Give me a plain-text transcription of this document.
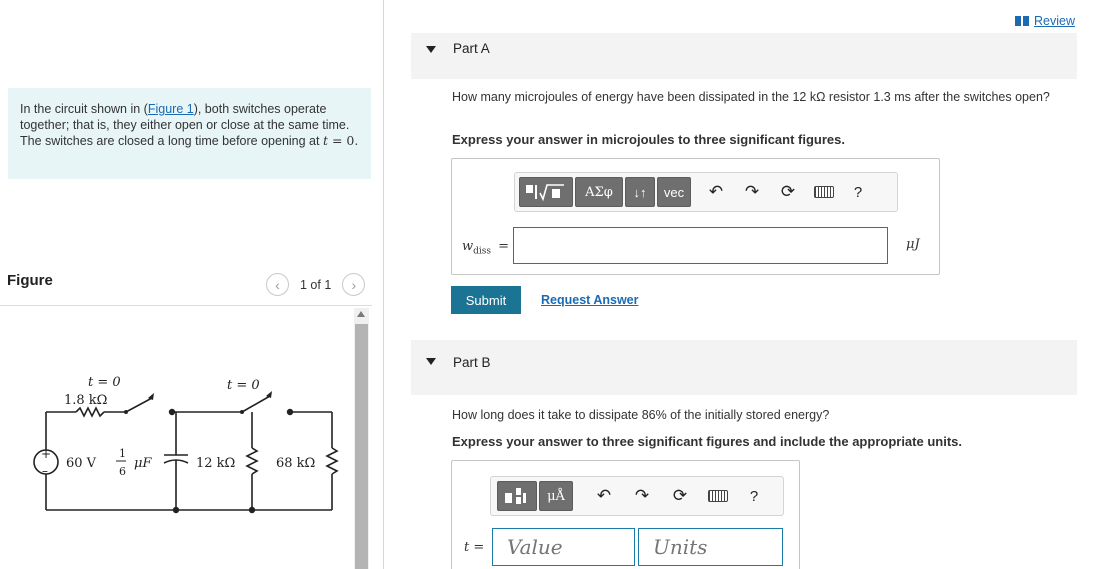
In the circuit shown in (Figure 1), both switches operate together; that is, they either open or close at the same time. The switches are closed a long time before opening at t = 0.
Figure	‹ 1 of 1 ›
+
–
t = 0
1.8 kΩ
t = 0
60 V
1
6
μF	12 kΩ	68 kΩ
Review
Part A
How many microjoules of energy have been dissipated in the 12 kΩ resistor 1.3 ms after the switches open?
Express your answer in microjoules to three significant figures.
ΑΣφ	↓↑	vec	↶	↷	⟳	?
$w_{diss}$ =	μJ
Submit	Request Answer
Part B
How long does it take to dissipate 86% of the initially stored energy?
Express your answer to three significant figures and include the appropriate units.
μÅ	↶	↷	⟳	?
t =
Value
Units
